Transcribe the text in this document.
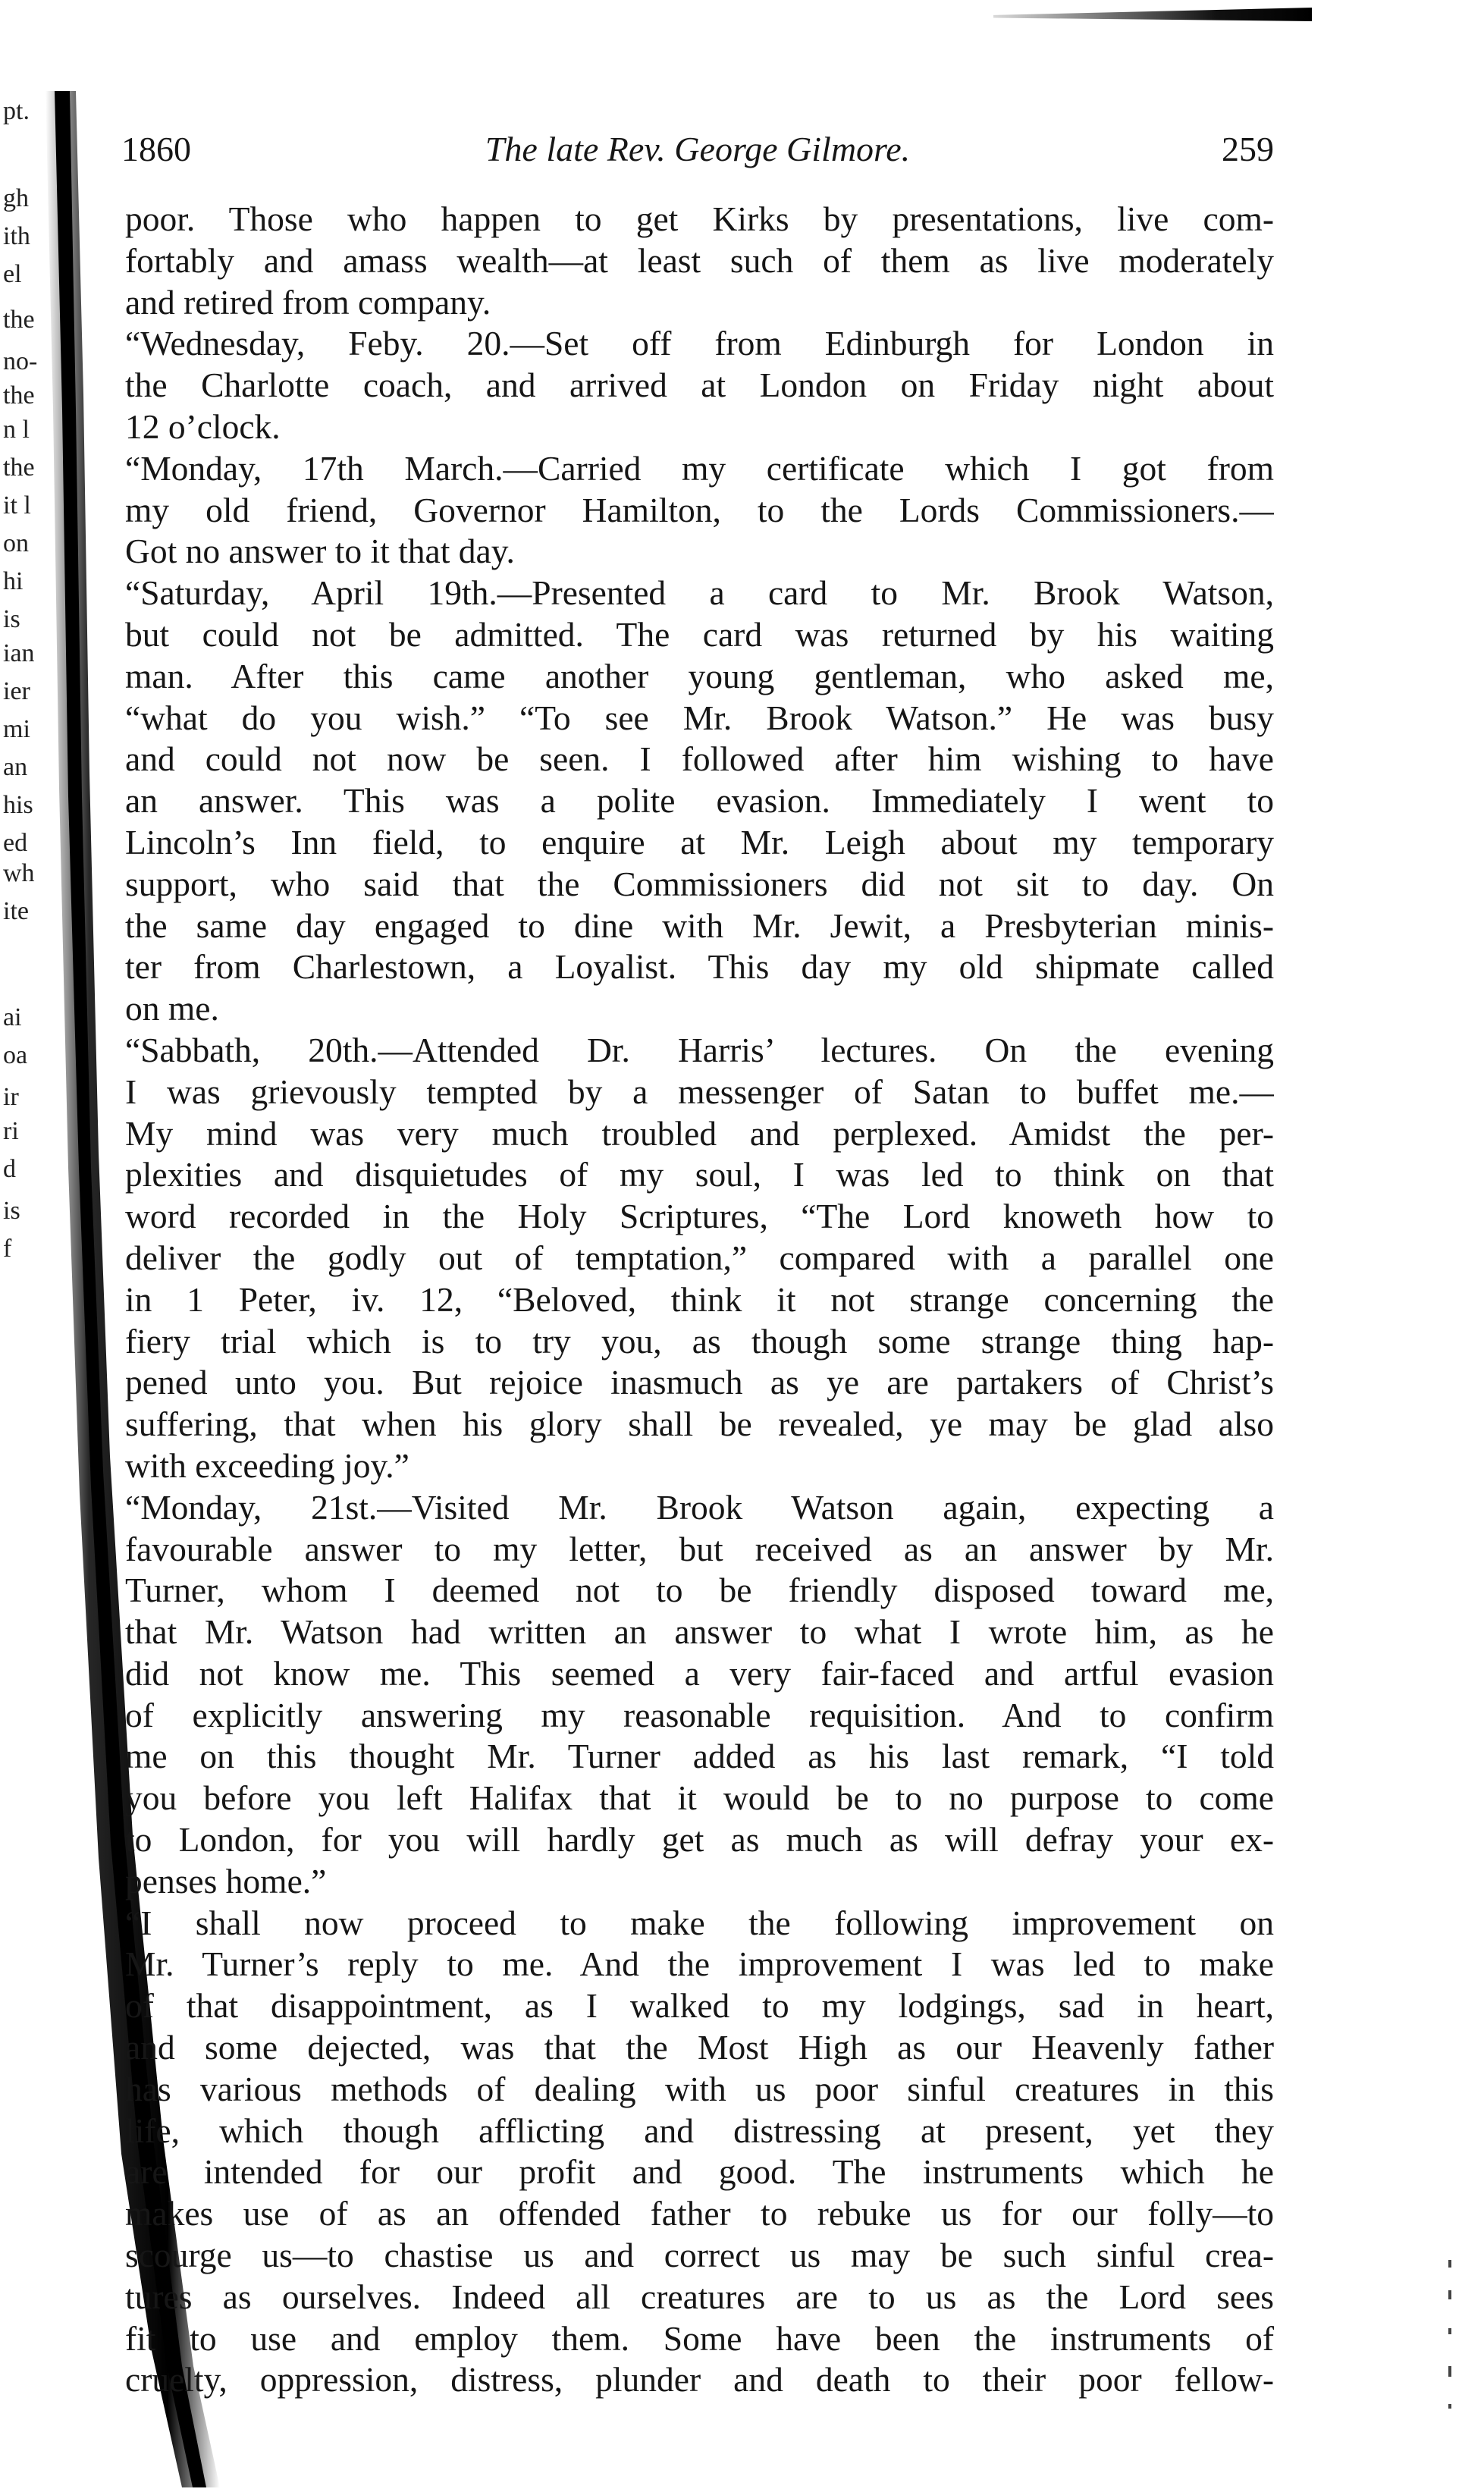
pt.
gh
ith
el
the
no-
the
n l
the
it l
on
hi
is
ian
ier
mi
an
his
ed
wh
ite
ai
oa
ir
ri
d
is
f
1860	The late Rev. George Gilmore.	259
poor. Those who happen to get Kirks by presentations, live com-
fortably and amass wealth—at least such of them as live moderately
and retired from company.
“Wednesday, Feby. 20.—Set off from Edinburgh for London in
the Charlotte coach, and arrived at London on Friday night about
12 o’clock.
“Monday, 17th March.—Carried my certificate which I got from
my old friend, Governor Hamilton, to the Lords Commissioners.—
Got no answer to it that day.
“Saturday, April 19th.—Presented a card to Mr. Brook Watson,
but could not be admitted. The card was returned by his waiting
man. After this came another young gentleman, who asked me,
“what do you wish.” “To see Mr. Brook Watson.” He was busy
and could not now be seen. I followed after him wishing to have
an answer. This was a polite evasion. Immediately I went to
Lincoln’s Inn field, to enquire at Mr. Leigh about my temporary
support, who said that the Commissioners did not sit to day. On
the same day engaged to dine with Mr. Jewit, a Presbyterian minis-
ter from Charlestown, a Loyalist. This day my old shipmate called
on me.
“Sabbath, 20th.—Attended Dr. Harris’ lectures. On the evening
I was grievously tempted by a messenger of Satan to buffet me.—
My mind was very much troubled and perplexed. Amidst the per-
plexities and disquietudes of my soul, I was led to think on that
word recorded in the Holy Scriptures, “The Lord knoweth how to
deliver the godly out of temptation,” compared with a parallel one
in 1 Peter, iv. 12, “Beloved, think it not strange concerning the
fiery trial which is to try you, as though some strange thing hap-
pened unto you. But rejoice inasmuch as ye are partakers of Christ’s
suffering, that when his glory shall be revealed, ye may be glad also
with exceeding joy.”
“Monday, 21st.—Visited Mr. Brook Watson again, expecting a
favourable answer to my letter, but received as an answer by Mr.
Turner, whom I deemed not to be friendly disposed toward me,
that Mr. Watson had written an answer to what I wrote him, as he
did not know me. This seemed a very fair-faced and artful evasion
of explicitly answering my reasonable requisition. And to confirm
me on this thought Mr. Turner added as his last remark, “I told
you before you left Halifax that it would be to no purpose to come
to London, for you will hardly get as much as will defray your ex-
penses home.”
“I shall now proceed to make the following improvement on
Mr. Turner’s reply to me. And the improvement I was led to make
of that disappointment, as I walked to my lodgings, sad in heart,
and some dejected, was that the Most High as our Heavenly father
has various methods of dealing with us poor sinful creatures in this
life, which though afflicting and distressing at present, yet they
are intended for our profit and good. The instruments which he
makes use of as an offended father to rebuke us for our folly—to
scourge us—to chastise us and correct us may be such sinful crea-
tures as ourselves. Indeed all creatures are to us as the Lord sees
fit to use and employ them. Some have been the instruments of
cruelty, oppression, distress, plunder and death to their poor fellow-
